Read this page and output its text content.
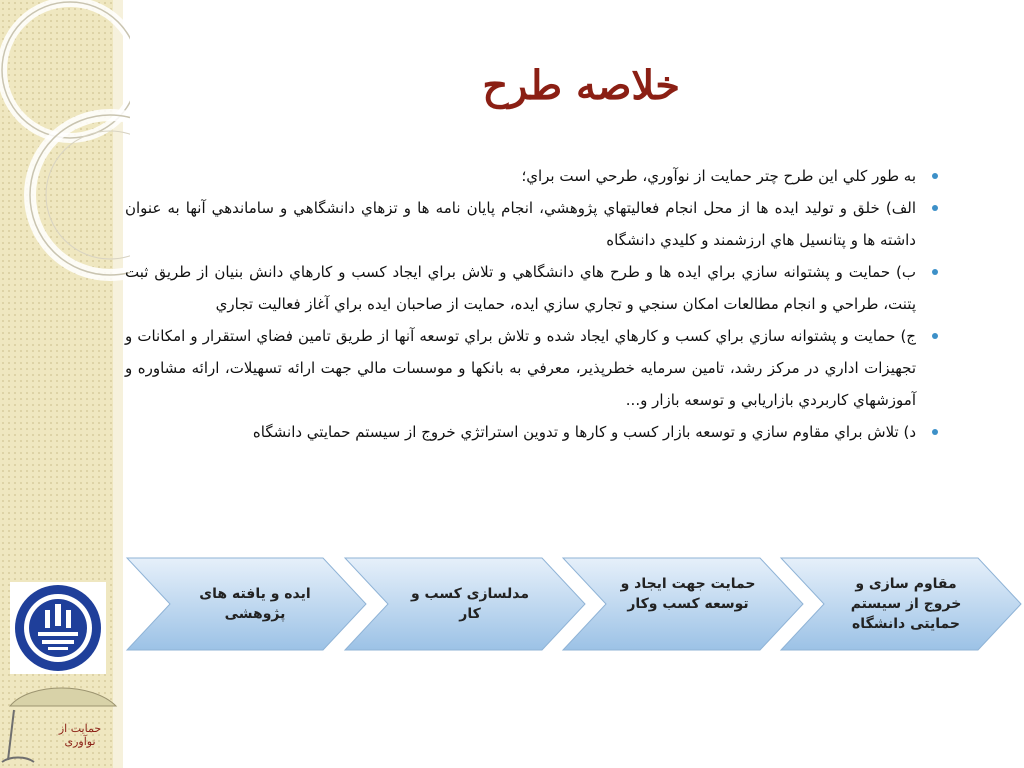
خلاصه طرح
به طور كلي اين طرح چتر حمايت از نوآوري، طرحي است براي؛
الف) خلق و توليد ايده ها از محل انجام فعاليتهاي پژوهشي، انجام پايان نامه ها و تزهاي دانشگاهي و ساماندهي آنها به عنوان داشته ها و پتانسيل هاي ارزشمند و كليدي دانشگاه
ب) حمايت و پشتوانه سازي براي ايده ها و طرح هاي دانشگاهي و تلاش براي ايجاد كسب و كارهاي دانش بنيان از طريق ثبت پتنت، طراحي و انجام مطالعات امكان سنجي و تجاري سازي ايده، حمايت از صاحبان ايده براي آغاز فعاليت تجاري
ج) حمايت و پشتوانه سازي براي كسب و كارهاي ايجاد شده و تلاش براي توسعه آنها از طريق تامين فضاي استقرار و امكانات و تجهيزات اداري در مركز رشد، تامين سرمايه خطرپذير، معرفي به بانكها و موسسات مالي جهت ارائه تسهيلات، ارائه مشاوره و آموزشهاي كاربردي بازاريابي و توسعه بازار و...
د) تلاش براي مقاوم سازي و توسعه بازار كسب و كارها و تدوين استراتژي خروج از سيستم حمايتي دانشگاه
ایده و یافته های پژوهشی
مدلسازی کسب و کار
حمایت جهت ایجاد و توسعه کسب وکار
مقاوم سازی و خروج از سیستم حمایتی دانشگاه
حمایت از نوآوری
